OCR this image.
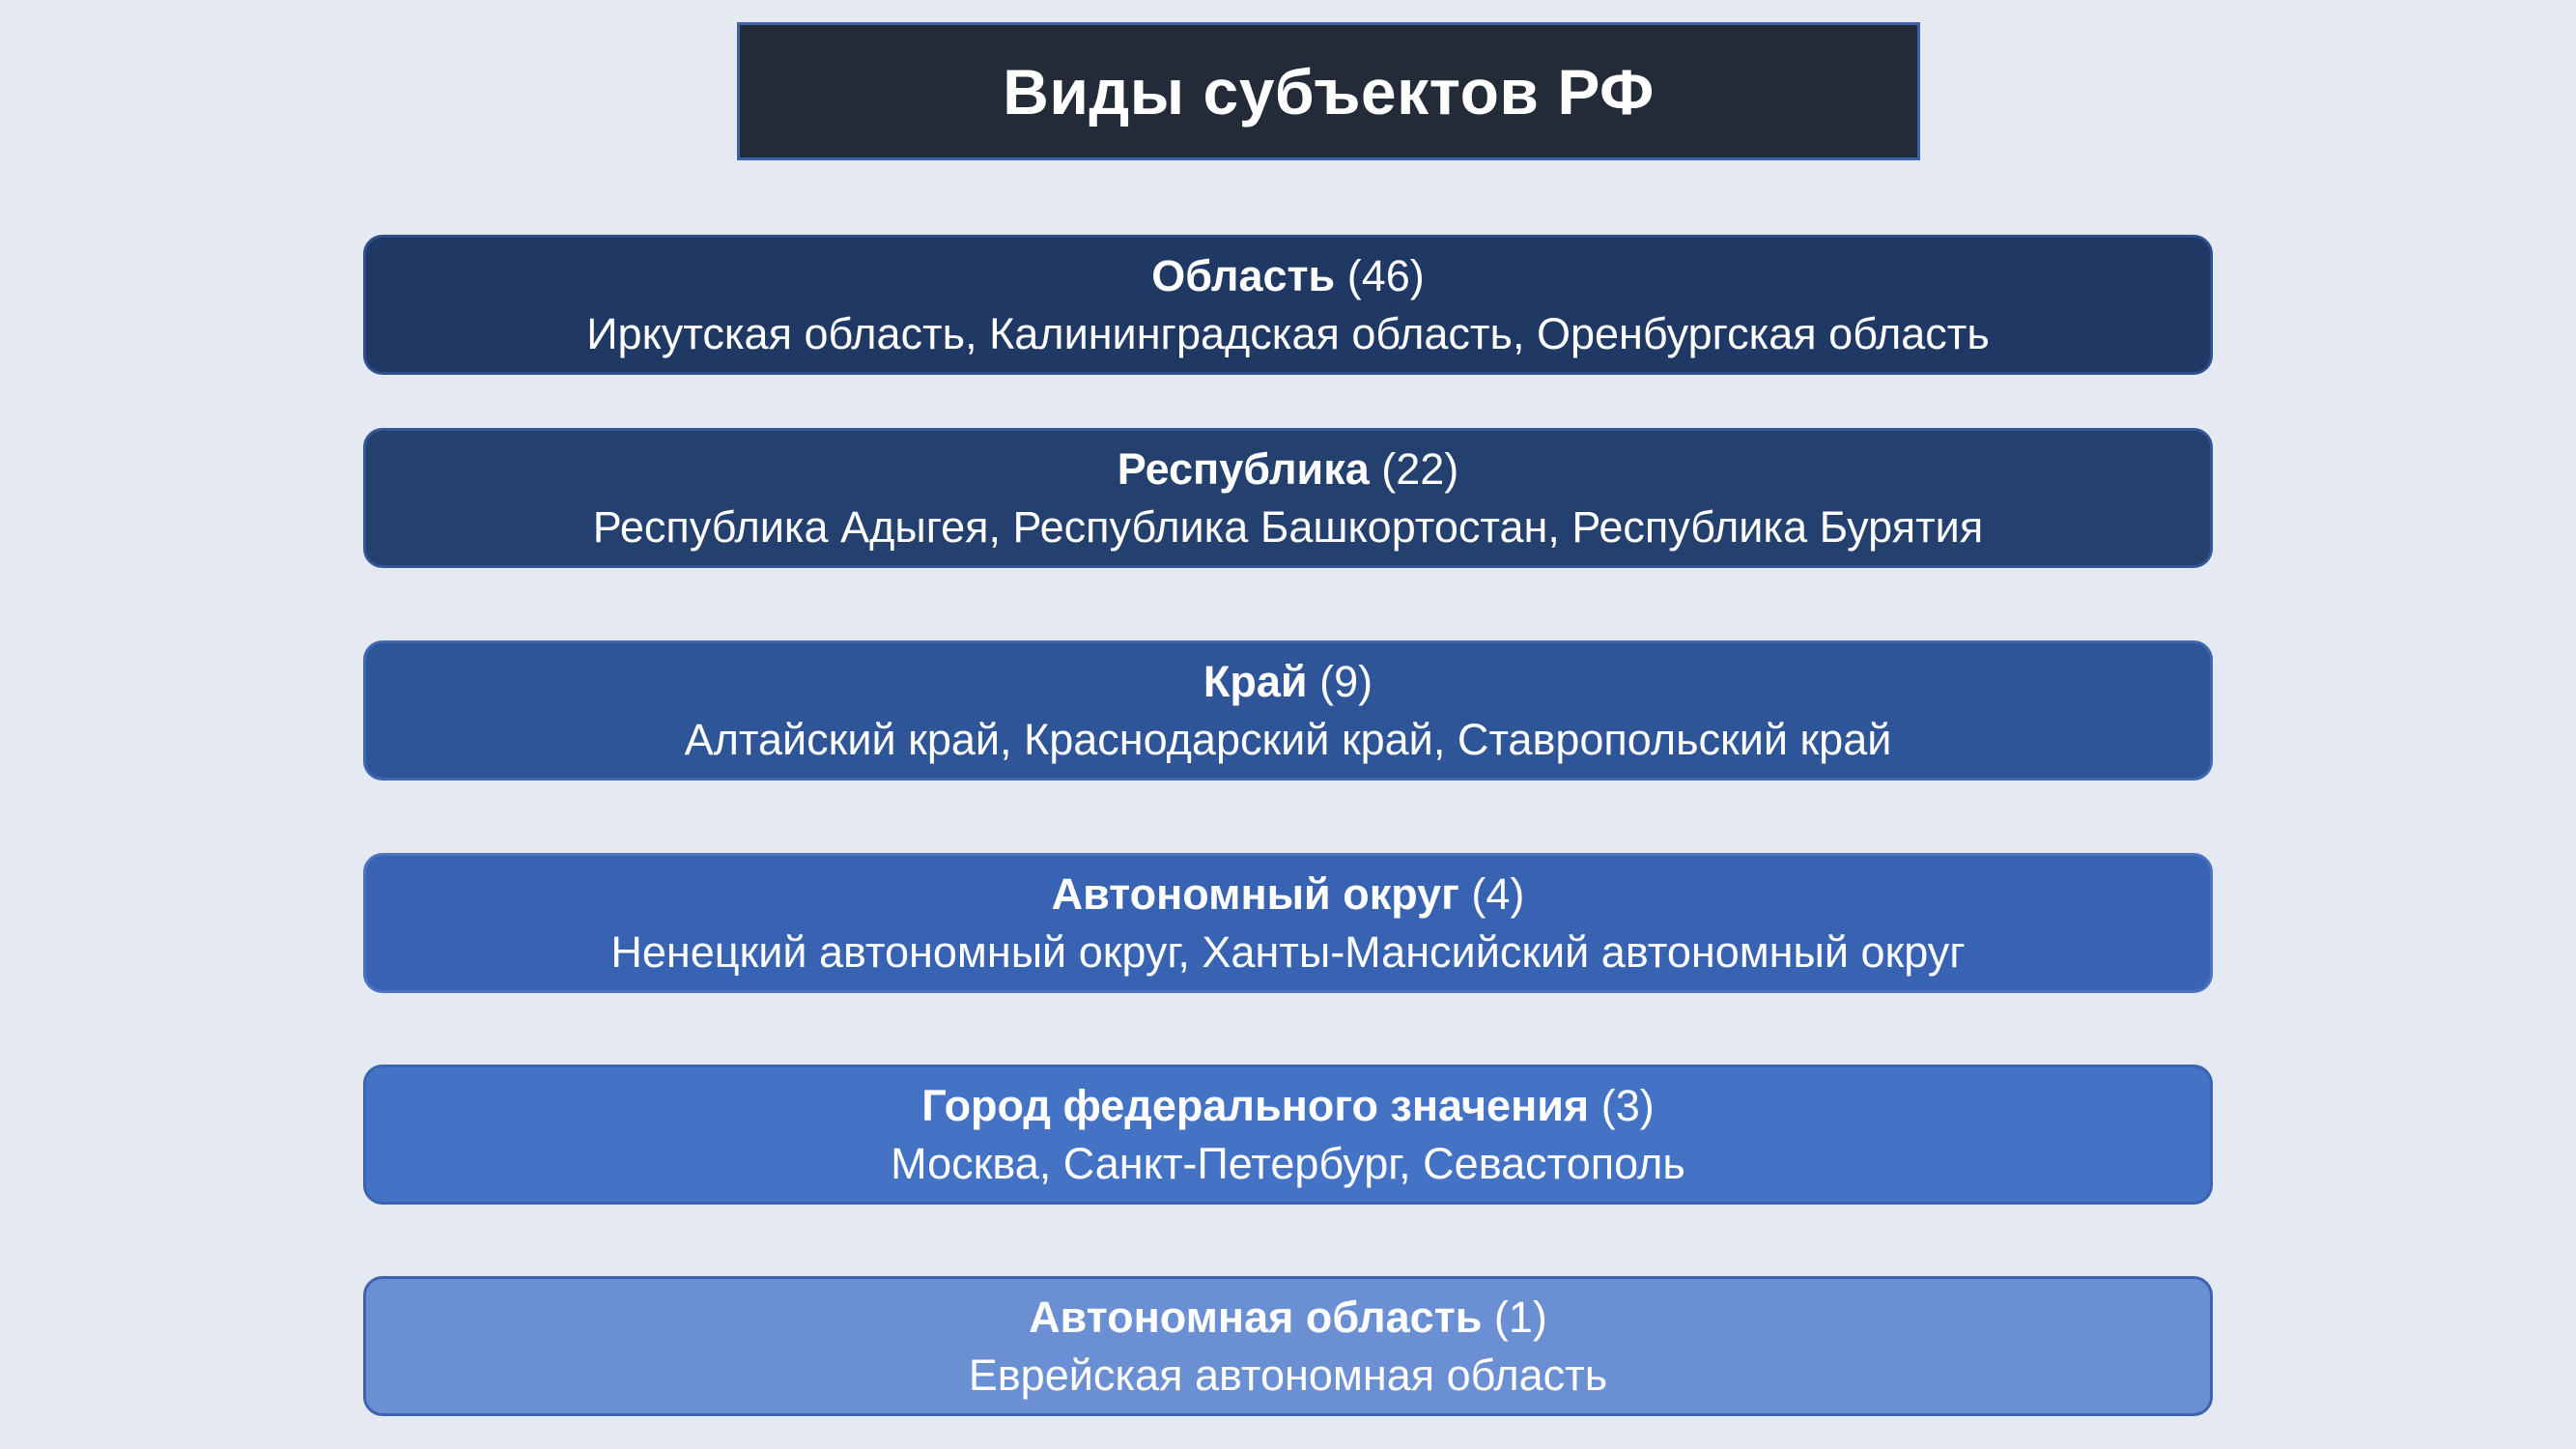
Виды субъектов РФ
Область (46)
Иркутская область, Калининградская область, Оренбургская область
Республика (22)
Республика Адыгея, Республика Башкортостан, Республика Бурятия
Край (9)
Алтайский край, Краснодарский край, Ставропольский край
Автономный округ (4)
Ненецкий автономный округ, Ханты-Мансийский автономный округ
Город федерального значения (3)
Москва, Санкт-Петербург, Севастополь
Автономная область (1)
Еврейская автономная область
